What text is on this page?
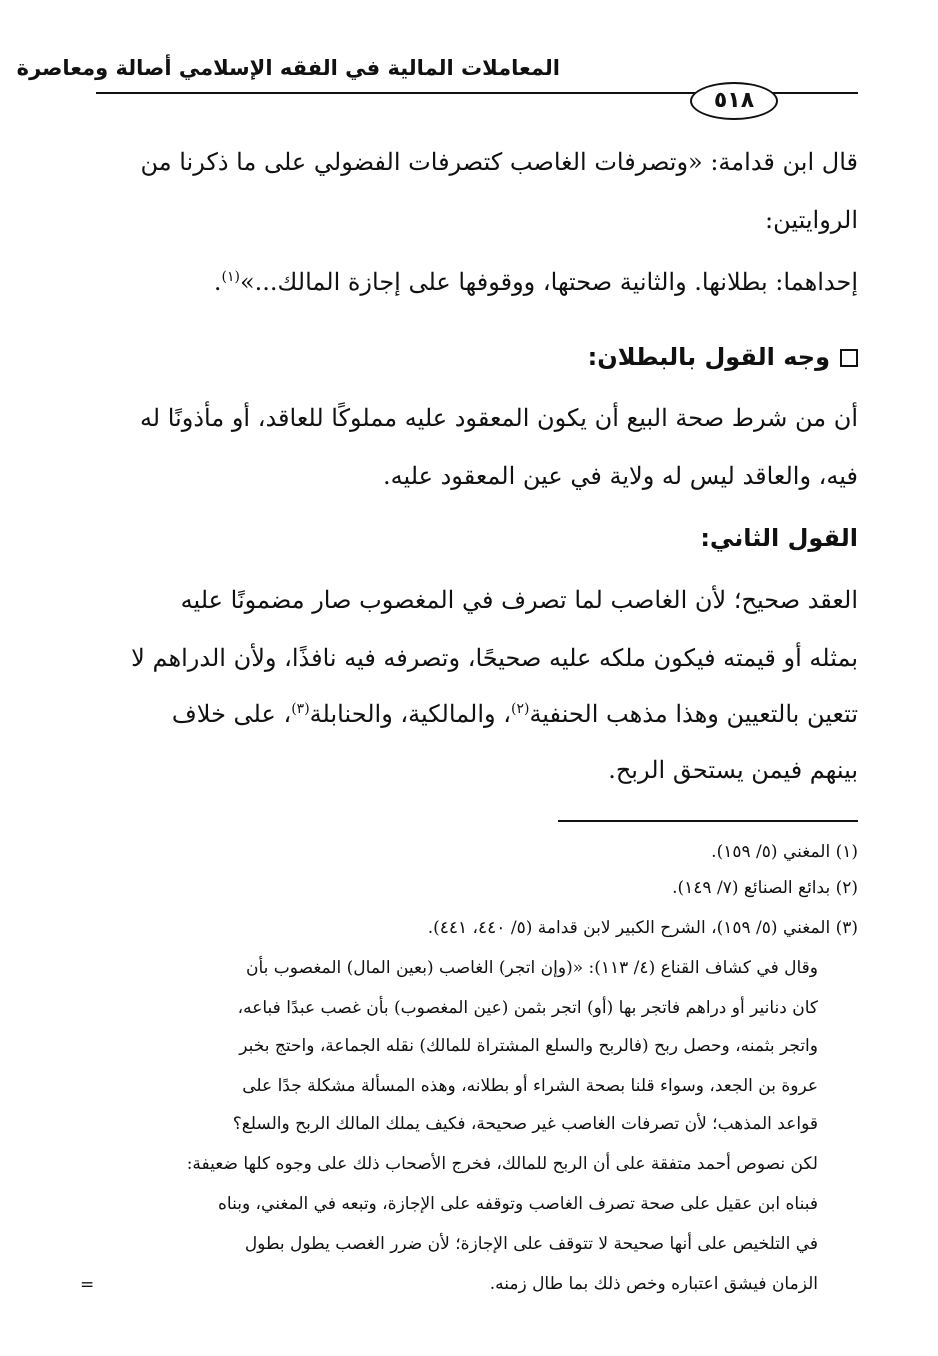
المعاملات المالية في الفقه الإسلامي أصالة ومعاصرة
٥١٨
قال ابن قدامة: «وتصرفات الغاصب كتصرفات الفضولي على ما ذكرنا من
الروايتين:
إحداهما: بطلانها. والثانية صحتها، ووقوفها على إجازة المالك...»$^{(١)}$.
وجه القول بالبطلان:
أن من شرط صحة البيع أن يكون المعقود عليه مملوكًا للعاقد، أو مأذونًا له
فيه، والعاقد ليس له ولاية في عين المعقود عليه.
القول الثاني:
العقد صحيح؛ لأن الغاصب لما تصرف في المغصوب صار مضمونًا عليه
بمثله أو قيمته فيكون ملكه عليه صحيحًا، وتصرفه فيه نافذًا، ولأن الدراهم لا
تتعين بالتعيين وهذا مذهب الحنفية$^{(٢)}$، والمالكية، والحنابلة$^{(٣)}$، على خلاف
بينهم فيمن يستحق الربح.
(١) المغني (٥/ ١٥٩).
(٢) بدائع الصنائع (٧/ ١٤٩).
(٣) المغني (٥/ ١٥٩)، الشرح الكبير لابن قدامة (٥/ ٤٤٠، ٤٤١).
وقال في كشاف القناع (٤/ ١١٣): «(وإن اتجر) الغاصب (بعين المال) المغصوب بأن
كان دنانير أو دراهم فاتجر بها (أو) اتجر بثمن (عين المغصوب) بأن غصب عبدًا فباعه،
واتجر بثمنه، وحصل ربح (فالربح والسلع المشتراة للمالك) نقله الجماعة، واحتج بخبر
عروة بن الجعد، وسواء قلنا بصحة الشراء أو بطلانه، وهذه المسألة مشكلة جدًا على
قواعد المذهب؛ لأن تصرفات الغاصب غير صحيحة، فكيف يملك المالك الربح والسلع؟
لكن نصوص أحمد متفقة على أن الربح للمالك، فخرج الأصحاب ذلك على وجوه كلها ضعيفة:
فبناه ابن عقيل على صحة تصرف الغاصب وتوقفه على الإجازة، وتبعه في المغني، وبناه
في التلخيص على أنها صحيحة لا تتوقف على الإجازة؛ لأن ضرر الغصب يطول بطول
الزمان فيشق اعتباره وخص ذلك بما طال زمنه.
=
